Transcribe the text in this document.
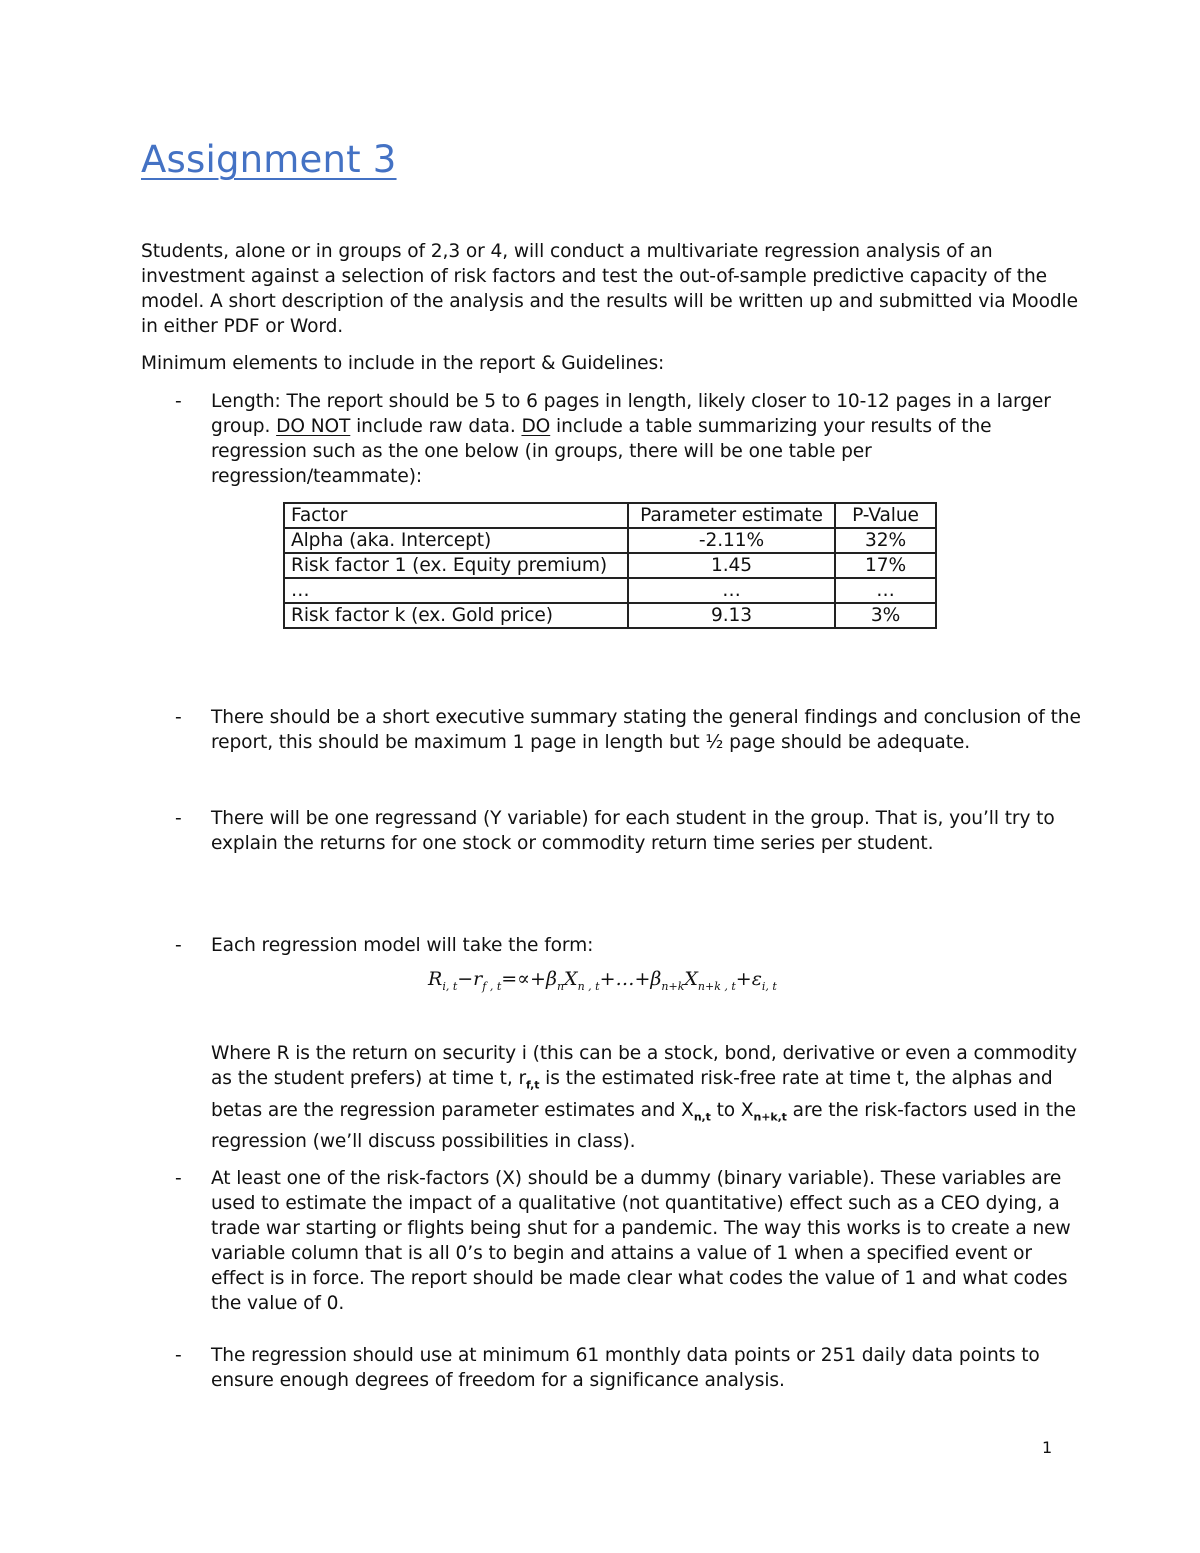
Assignment 3

Students, alone or in groups of 2,3 or 4, will conduct a multivariate regression analysis of an investment against a selection of risk factors and test the out-of-sample predictive capacity of the model. A short description of the analysis and the results will be written up and submitted via Moodle in either PDF or Word.

Minimum elements to include in the report & Guidelines:

- Length: The report should be 5 to 6 pages in length, likely closer to 10-12 pages in a larger group. DO NOT include raw data. DO include a table summarizing your results of the regression such as the one below (in groups, there will be one table per regression/teammate):
Factor	Parameter estimate	P-Value
Alpha (aka. Intercept)	-2.11%	32%
Risk factor 1 (ex. Equity premium)	1.45	17%
…	…	…
Risk factor k (ex. Gold price)	9.13	3%
- There should be a short executive summary stating the general findings and conclusion of the report, this should be maximum 1 page in length but ½ page should be adequate.
- There will be one regressand (Y variable) for each student in the group. That is, you’ll try to explain the returns for one stock or commodity return time series per student.
- Each regression model will take the form:
$R_{i, t}-r_{f , t}=\propto+\beta_nX_{n , t}+\dots+\beta_{n+k}X_{n+k , t}+\varepsilon_{i, t}$
Where R is the return on security i (this can be a stock, bond, derivative or even a commodity as the student prefers) at time t, $r_{f,t}$ is the estimated risk-free rate at time t, the alphas and betas are the regression parameter estimates and $X_{n,t}$ to $X_{n+k,t}$ are the risk-factors used in the regression (we’ll discuss possibilities in class).
- At least one of the risk-factors (X) should be a dummy (binary variable). These variables are used to estimate the impact of a qualitative (not quantitative) effect such as a CEO dying, a trade war starting or flights being shut for a pandemic. The way this works is to create a new variable column that is all 0’s to begin and attains a value of 1 when a specified event or effect is in force. The report should be made clear what codes the value of 1 and what codes the value of 0.
- The regression should use at minimum 61 monthly data points or 251 daily data points to ensure enough degrees of freedom for a significance analysis.
1
